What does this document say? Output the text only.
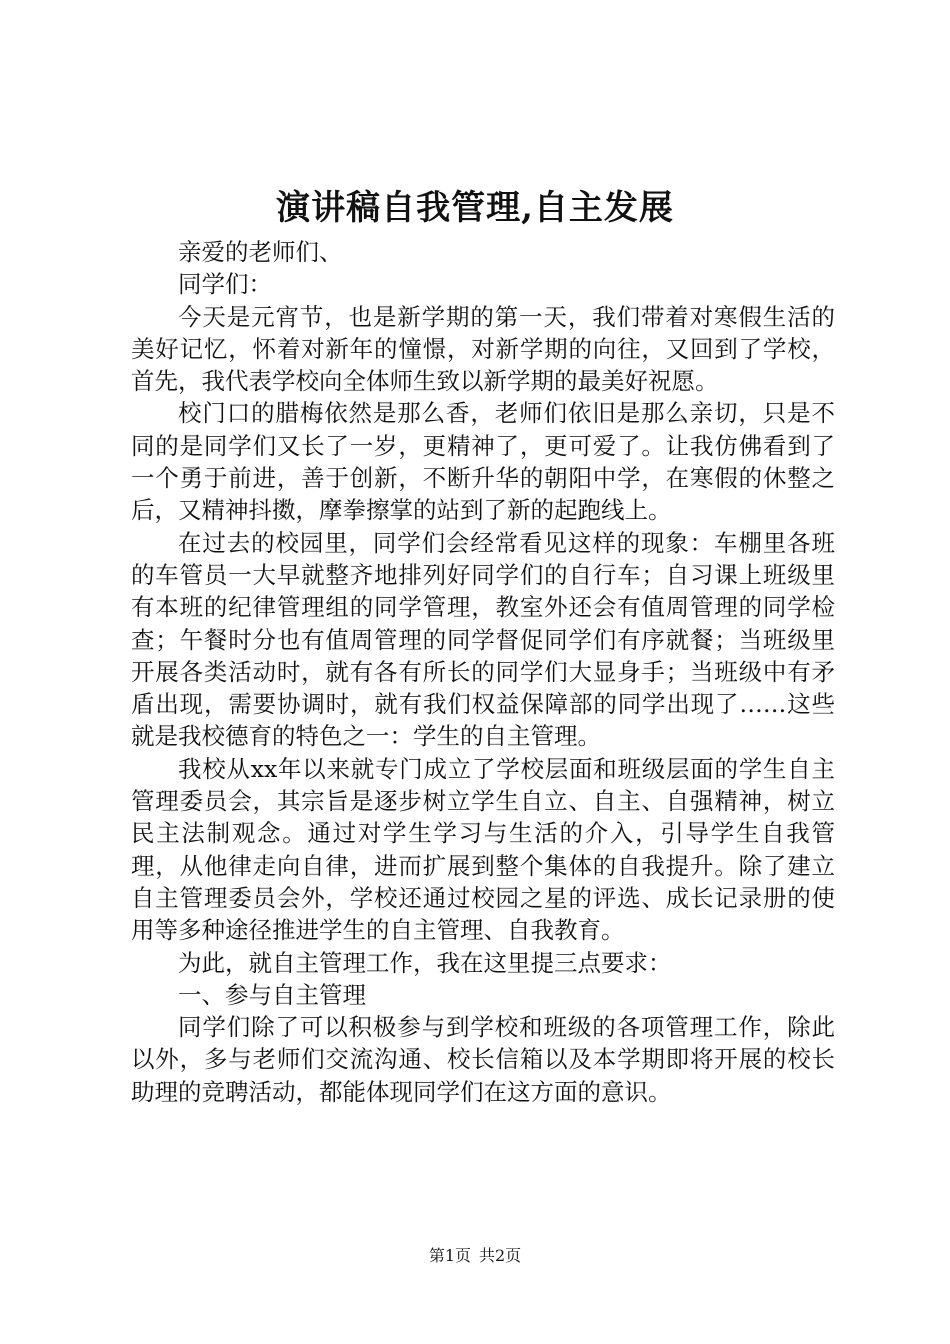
演讲稿自我管理,自主发展

亲爱的老师们、

同学们：

今天是元宵节，也是新学期的第一天，我们带着对寒假生活的美好记忆，怀着对新年的憧憬，对新学期的向往，又回到了学校，首先，我代表学校向全体师生致以新学期的最美好祝愿。

校门口的腊梅依然是那么香，老师们依旧是那么亲切，只是不同的是同学们又长了一岁，更精神了，更可爱了。让我仿佛看到了一个勇于前进，善于创新，不断升华的朝阳中学，在寒假的休整之后，又精神抖擞，摩拳擦掌的站到了新的起跑线上。

在过去的校园里，同学们会经常看见这样的现象：车棚里各班的车管员一大早就整齐地排列好同学们的自行车；自习课上班级里有本班的纪律管理组的同学管理，教室外还会有值周管理的同学检查；午餐时分也有值周管理的同学督促同学们有序就餐；当班级里开展各类活动时，就有各有所长的同学们大显身手；当班级中有矛盾出现，需要协调时，就有我们权益保障部的同学出现了……这些就是我校德育的特色之一：学生的自主管理。

我校从xx年以来就专门成立了学校层面和班级层面的学生自主管理委员会，其宗旨是逐步树立学生自立、自主、自强精神，树立民主法制观念。通过对学生学习与生活的介入，引导学生自我管理，从他律走向自律，进而扩展到整个集体的自我提升。除了建立自主管理委员会外，学校还通过校园之星的评选、成长记录册的使用等多种途径推进学生的自主管理、自我教育。

为此，就自主管理工作，我在这里提三点要求：

一、参与自主管理

同学们除了可以积极参与到学校和班级的各项管理工作，除此以外，多与老师们交流沟通、校长信箱以及本学期即将开展的校长助理的竞聘活动，都能体现同学们在这方面的意识。

第1页 共2页
